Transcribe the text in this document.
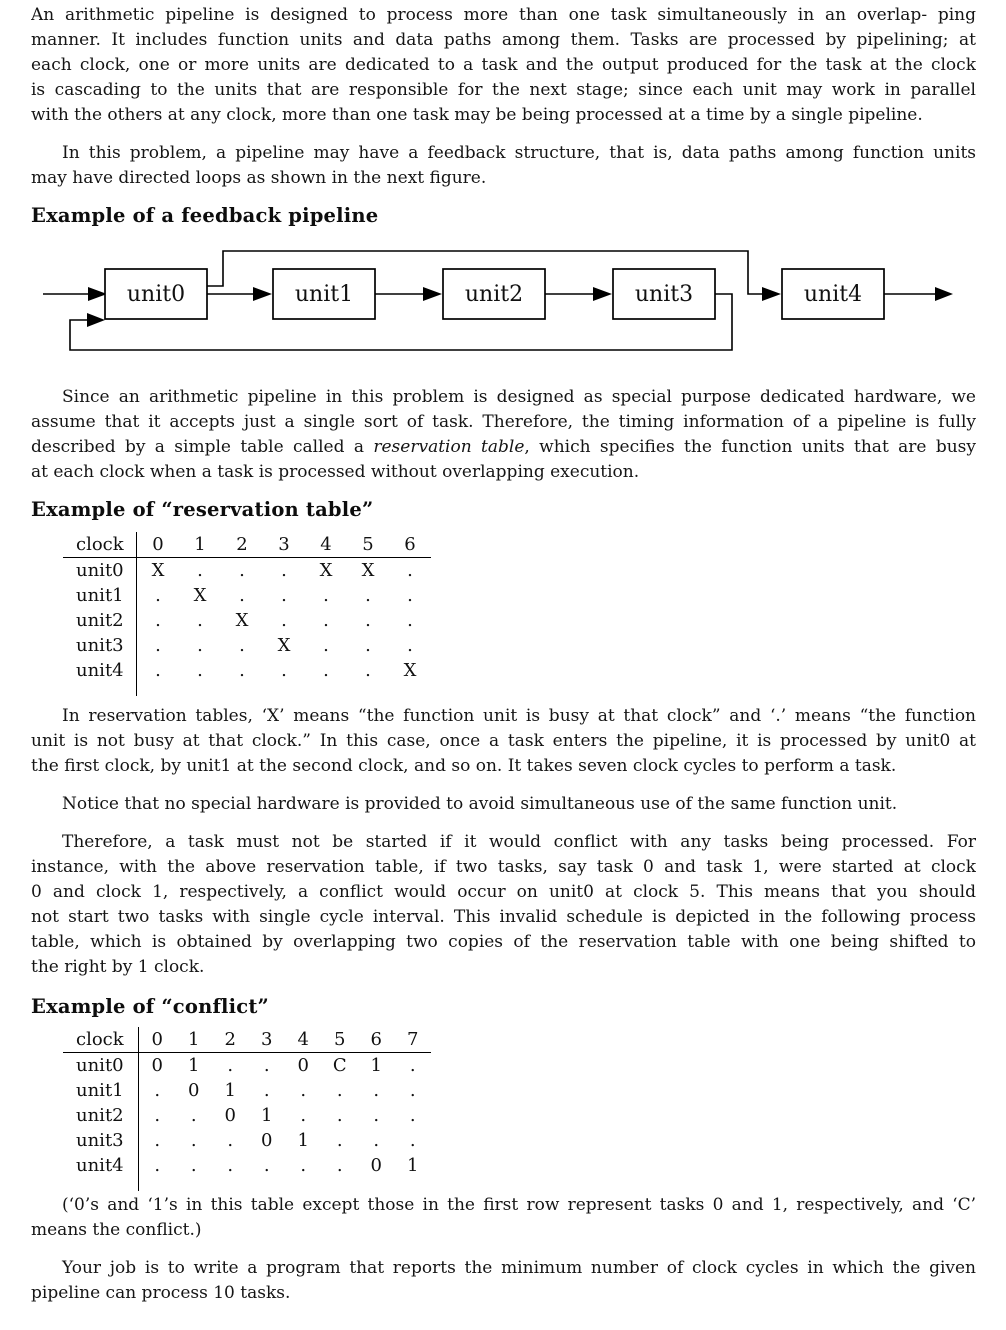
An arithmetic pipeline is designed to process more than one task simultaneously in an overlap- ping
manner. It includes function units and data paths among them. Tasks are processed by pipelining; at
each clock, one or more units are dedicated to a task and the output produced for the task at the clock
is cascading to the units that are responsible for the next stage; since each unit may work in parallel
with the others at any clock, more than one task may be being processed at a time by a single pipeline.
In this problem, a pipeline may have a feedback structure, that is, data paths among function units
may have directed loops as shown in the next figure.
Example of a feedback pipeline
unit0	unit1	unit2	unit3	unit4
Since an arithmetic pipeline in this problem is designed as special purpose dedicated hardware, we
assume that it accepts just a single sort of task. Therefore, the timing information of a pipeline is fully
described by a simple table called a reservation table, which specifies the function units that are busy
at each clock when a task is processed without overlapping execution.
Example of “reservation table”
clock	0	1	2	3	4	5	6
unit0	X	.	.	.	X	X	.
unit1	.	X	.	.	.	.	.
unit2	.	.	X	.	.	.	.
unit3	.	.	.	X	.	.	.
unit4	.	.	.	.	.	.	X

In reservation tables, ‘X’ means “the function unit is busy at that clock” and ‘.’ means “the function
unit is not busy at that clock.” In this case, once a task enters the pipeline, it is processed by unit0 at
the first clock, by unit1 at the second clock, and so on. It takes seven clock cycles to perform a task.
Notice that no special hardware is provided to avoid simultaneous use of the same function unit.
Therefore, a task must not be started if it would conflict with any tasks being processed. For
instance, with the above reservation table, if two tasks, say task 0 and task 1, were started at clock
0 and clock 1, respectively, a conflict would occur on unit0 at clock 5. This means that you should
not start two tasks with single cycle interval. This invalid schedule is depicted in the following process
table, which is obtained by overlapping two copies of the reservation table with one being shifted to
the right by 1 clock.
Example of “conflict”
clock	0	1	2	3	4	5	6	7
unit0	0	1	.	.	0	C	1	.
unit1	.	0	1	.	.	.	.	.
unit2	.	.	0	1	.	.	.	.
unit3	.	.	.	0	1	.	.	.
unit4	.	.	.	.	.	.	0	1

(‘0’s and ‘1’s in this table except those in the first row represent tasks 0 and 1, respectively, and ‘C’
means the conflict.)
Your job is to write a program that reports the minimum number of clock cycles in which the given
pipeline can process 10 tasks.
